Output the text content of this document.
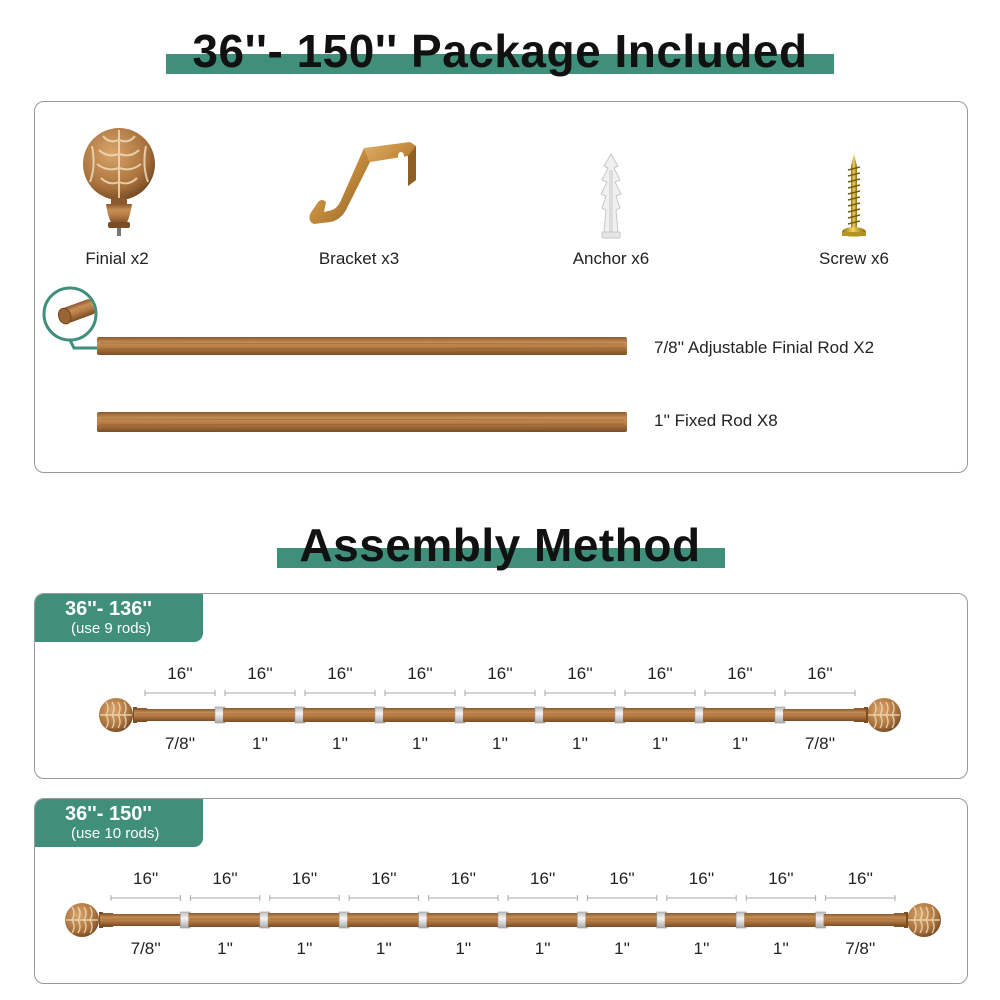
36''- 150'' Package Included
Finial x2	Bracket x3	Anchor x6	Screw x6
7/8'' Adjustable Finial Rod X2
1'' Fixed Rod X8
Assembly Method
36''- 136''
(use 9 rods)
16''
7/8''
16''
1''
16''
1''
16''
1''
16''
1''
16''
1''
16''
1''
16''
1''
16''
7/8''
36''- 150''
(use 10 rods)
16''
7/8''
16''
1''
16''
1''
16''
1''
16''
1''
16''
1''
16''
1''
16''
1''
16''
1''
16''
7/8''
